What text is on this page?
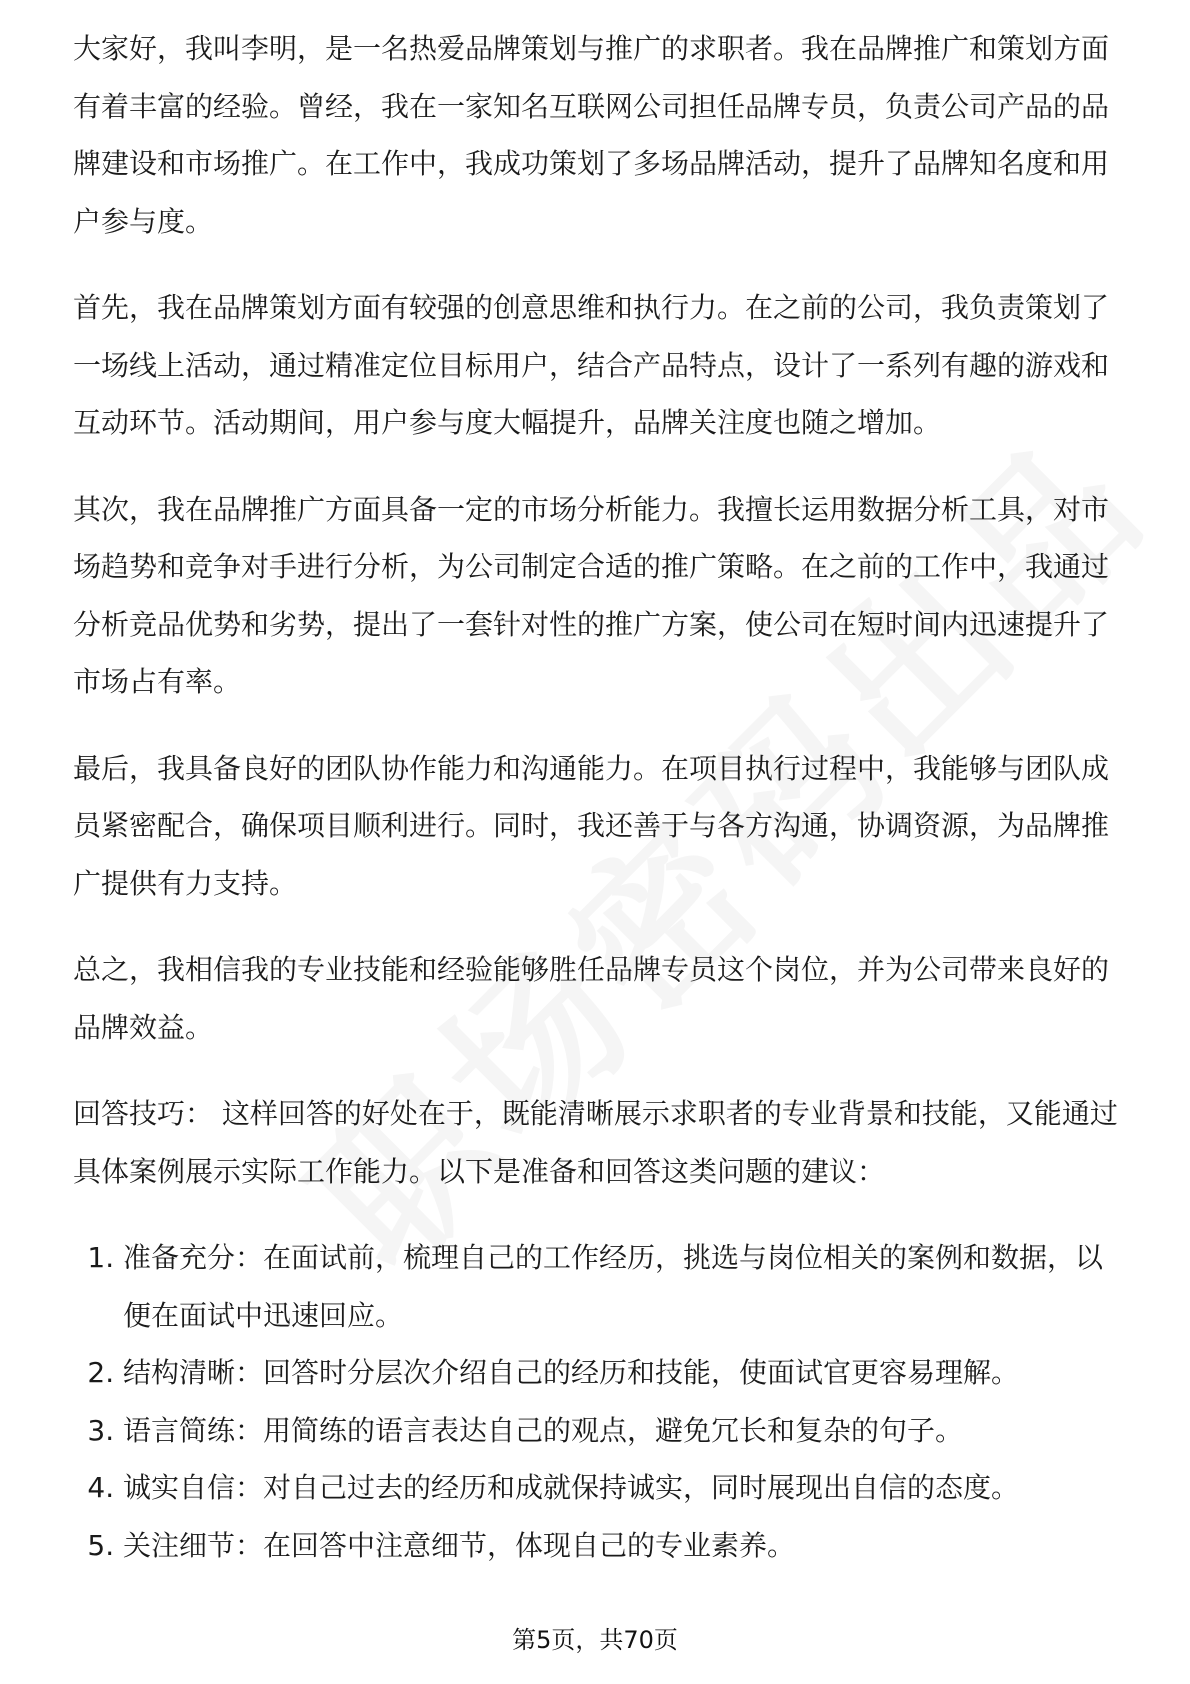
大家好，我叫李明，是一名热爱品牌策划与推广的求职者。我在品牌推广和策划方面有着丰富的经验。曾经，我在一家知名互联网公司担任品牌专员，负责公司产品的品牌建设和市场推广。在工作中，我成功策划了多场品牌活动，提升了品牌知名度和用户参与度。

首先，我在品牌策划方面有较强的创意思维和执行力。在之前的公司，我负责策划了一场线上活动，通过精准定位目标用户，结合产品特点，设计了一系列有趣的游戏和互动环节。活动期间，用户参与度大幅提升，品牌关注度也随之增加。

其次，我在品牌推广方面具备一定的市场分析能力。我擅长运用数据分析工具，对市场趋势和竞争对手进行分析，为公司制定合适的推广策略。在之前的工作中，我通过分析竞品优势和劣势，提出了一套针对性的推广方案，使公司在短时间内迅速提升了市场占有率。

最后，我具备良好的团队协作能力和沟通能力。在项目执行过程中，我能够与团队成员紧密配合，确保项目顺利进行。同时，我还善于与各方沟通，协调资源，为品牌推广提供有力支持。

总之，我相信我的专业技能和经验能够胜任品牌专员这个岗位，并为公司带来良好的品牌效益。

回答技巧： 这样回答的好处在于，既能清晰展示求职者的专业背景和技能，又能通过具体案例展示实际工作能力。以下是准备和回答这类问题的建议：

1. 准备充分：在面试前，梳理自己的工作经历，挑选与岗位相关的案例和数据，以便在面试中迅速回应。
2. 结构清晰：回答时分层次介绍自己的经历和技能，使面试官更容易理解。
3. 语言简练：用简练的语言表达自己的观点，避免冗长和复杂的句子。
4. 诚实自信：对自己过去的经历和成就保持诚实，同时展现出自信的态度。
5. 关注细节：在回答中注意细节，体现自己的专业素养。
第5页，共70页
